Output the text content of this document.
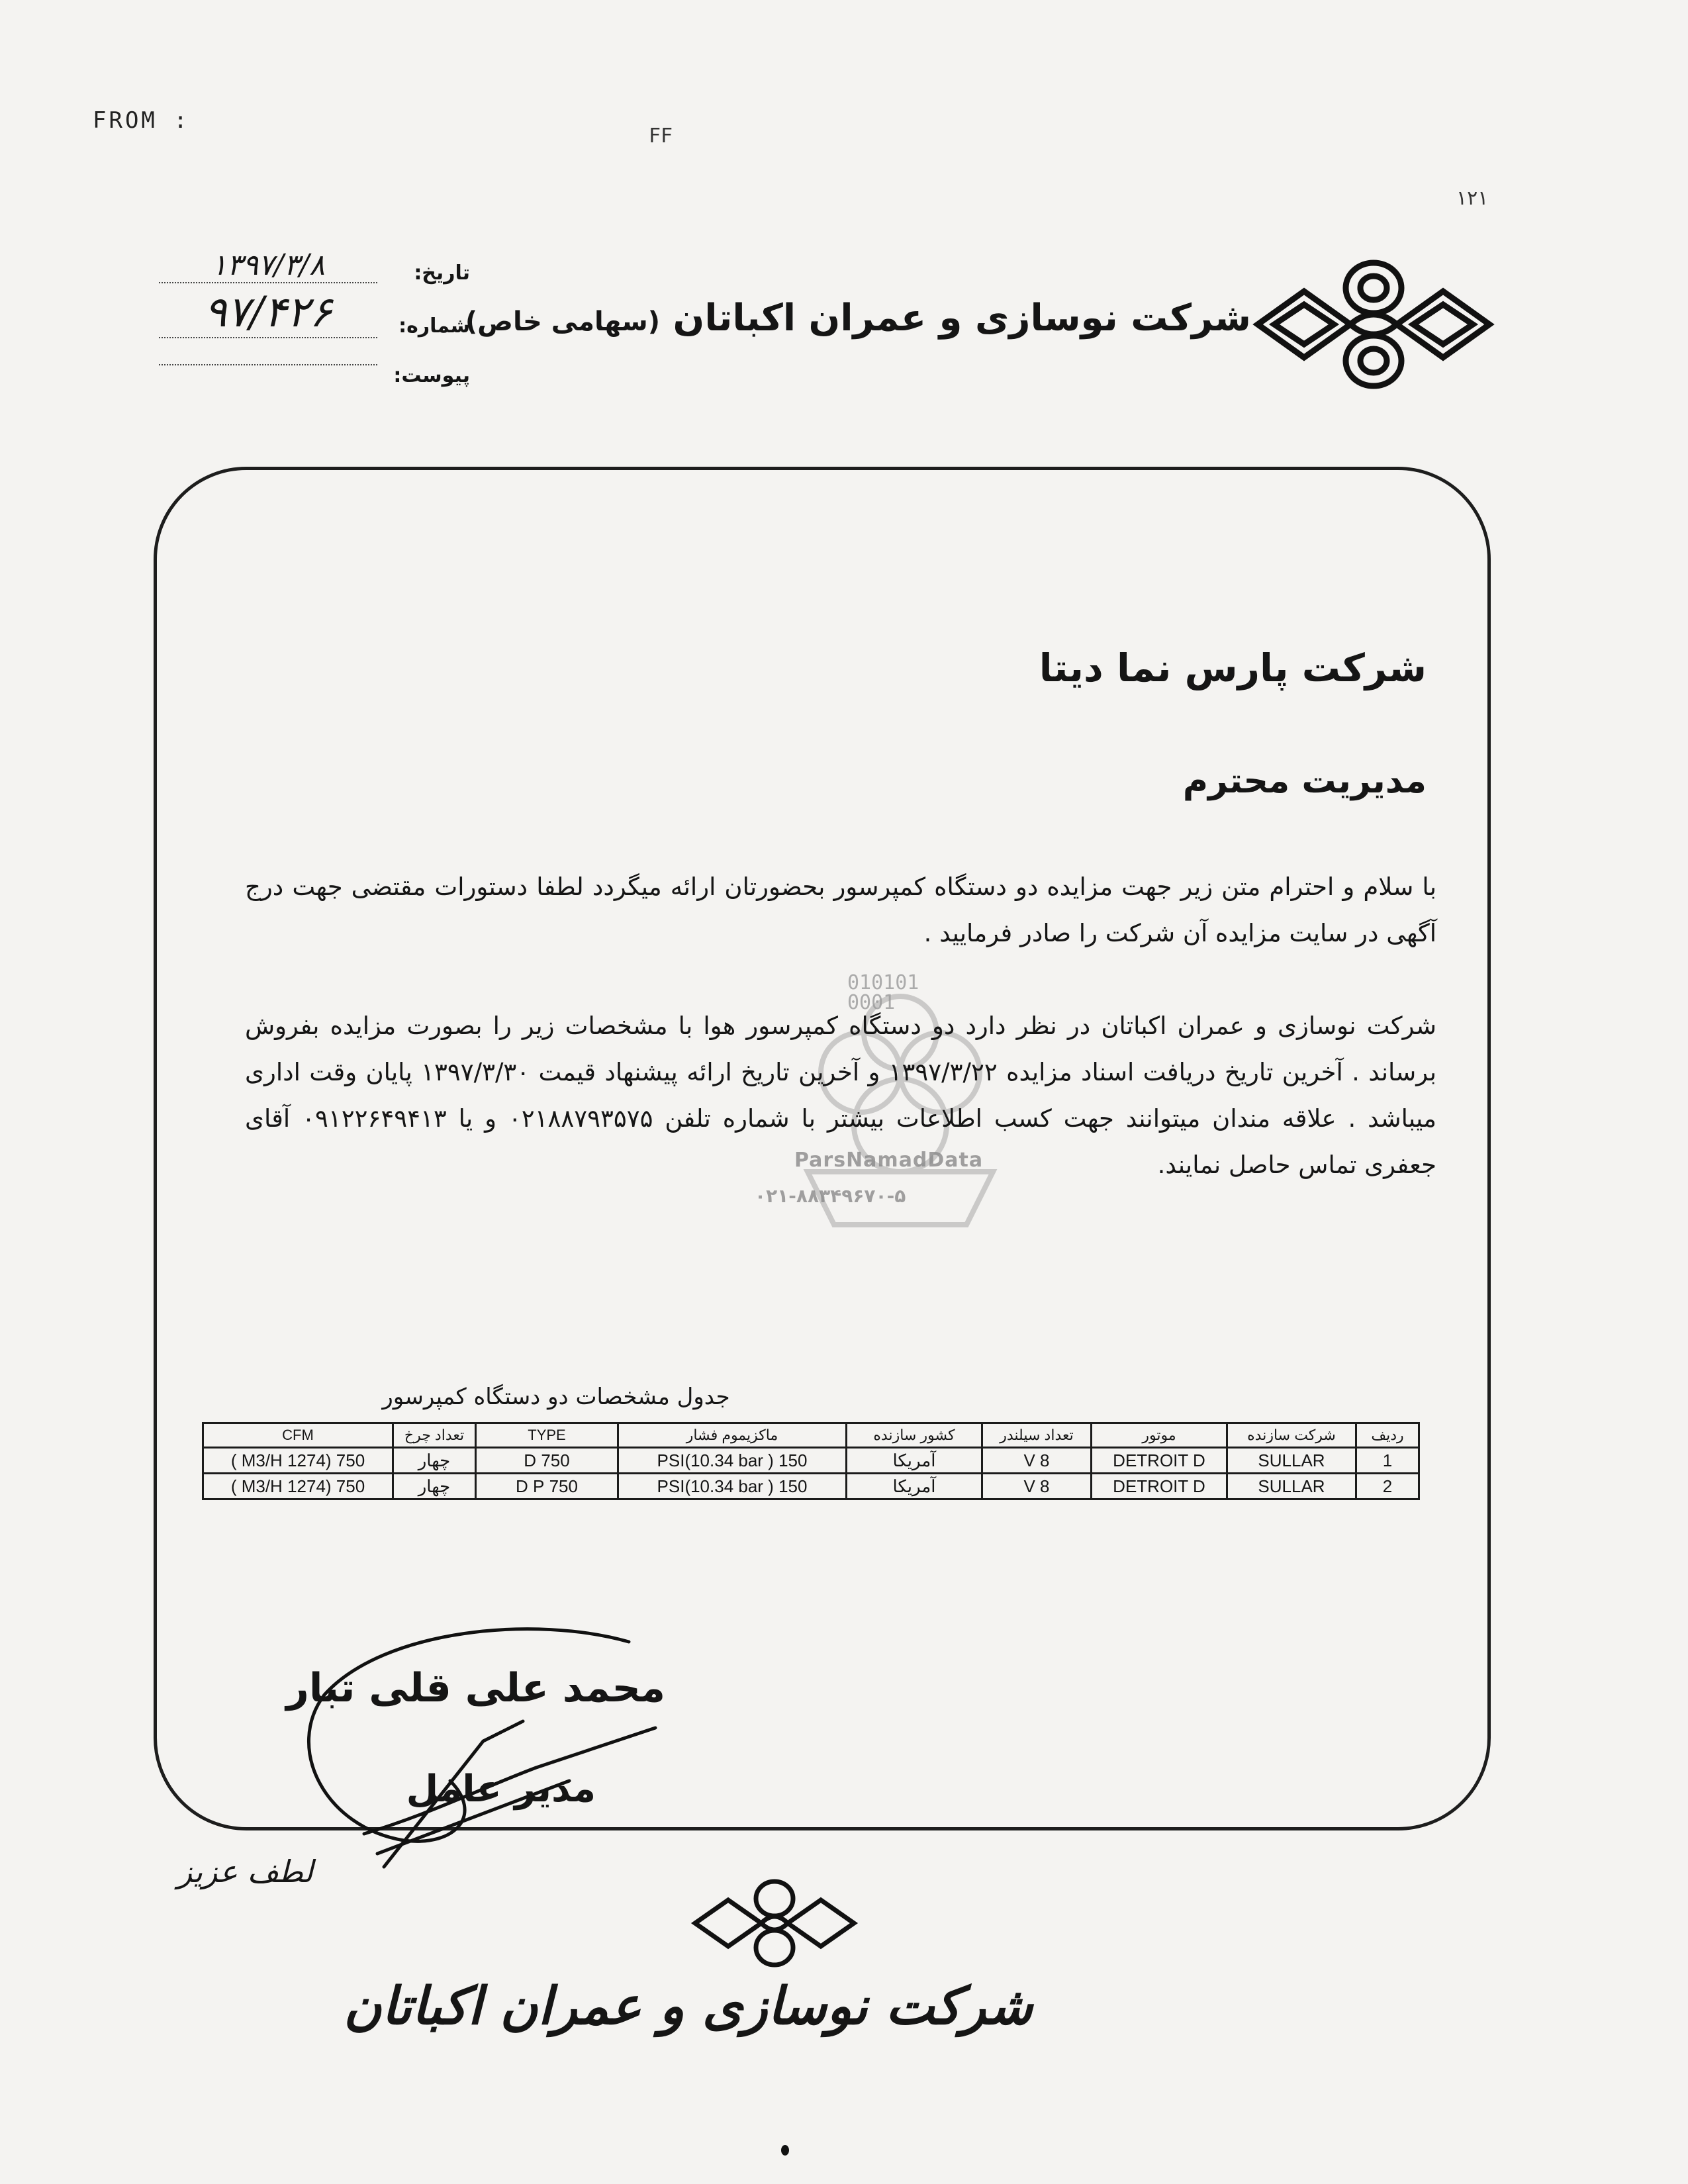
FROM :
FF
١٢١
تاریخ:
۱۳۹۷/۳/۸
شماره:
۹۷/۴۲۶
پیوست:
شرکت نوسازی و عمران اکباتان (سهامی خاص)
010101
0001
ParsNamadData
۰۲۱-۸۸۳۴۹۶۷۰-۵
شرکت پارس نما دیتا
مدیریت محترم
با سلام و احترام متن زیر جهت مزایده دو دستگاه کمپرسور بحضورتان ارائه میگردد لطفا دستورات مقتضی جهت درج آگهی در سایت مزایده آن شرکت را صادر فرمایید .
شرکت نوسازی و عمران اکباتان در نظر دارد دو دستگاه کمپرسور هوا با مشخصات زیر را بصورت مزایده بفروش برساند . آخرین تاریخ دریافت اسناد مزایده ۱۳۹۷/۳/۲۲ و آخرین تاریخ ارائه پیشنهاد قیمت ۱۳۹۷/۳/۳۰ پایان وقت اداری میباشد . علاقه مندان میتوانند جهت کسب اطلاعات بیشتر با شماره تلفن ۰۲۱۸۸۷۹۳۵۷۵ و یا ۰۹۱۲۲۶۴۹۴۱۳ آقای جعفری تماس حاصل نمایند.
جدول مشخصات دو دستگاه کمپرسور
ردیف	شرکت سازنده	موتور	تعداد سیلندر	کشور سازنده	ماکزیموم فشار	TYPE	تعداد چرخ	CFM
1	SULLAR	DETROIT D	V 8	آمریکا	150 PSI(10.34 bar )	750 D	چهار	750 (1274 M3/H )
2	SULLAR	DETROIT D	V 8	آمریکا	150 PSI(10.34 bar )	750 D P	چهار	750 (1274 M3/H )
محمد علی قلی تبار
مدیر عامل
لطف عزیز
شرکت نوسازی و عمران اکباتان
